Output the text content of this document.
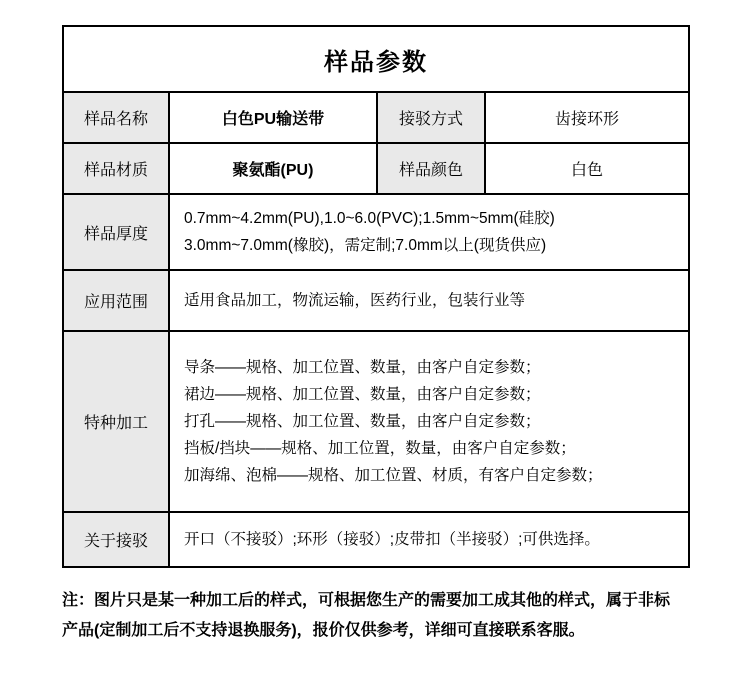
样品参数			
样品名称	白色PU输送带	接驳方式	齿接环形
样品材质	聚氨酯(PU)	样品颜色	白色
样品厚度	0.7mm~4.2mm(PU),1.0~6.0(PVC);1.5mm~5mm(硅胶)
3.0mm~7.0mm(橡胶)，需定制;7.0mm以上(现货供应)		

应用范围	适用食品加工，物流运输，医药行业，包装行业等		
特种加工	导条——规格、加工位置、数量，由客户自定参数；
裙边——规格、加工位置、数量，由客户自定参数；
打孔——规格、加工位置、数量，由客户自定参数；
挡板/挡块——规格、加工位置，数量，由客户自定参数；
加海绵、泡棉——规格、加工位置、材质，有客户自定参数；		

关于接驳	开口（不接驳）;环形（接驳）;皮带扣（半接驳）;可供选择。		
注：图片只是某一种加工后的样式，可根据您生产的需要加工成其他的样式，属于非标
产品(定制加工后不支持退换服务)，报价仅供参考，详细可直接联系客服。
